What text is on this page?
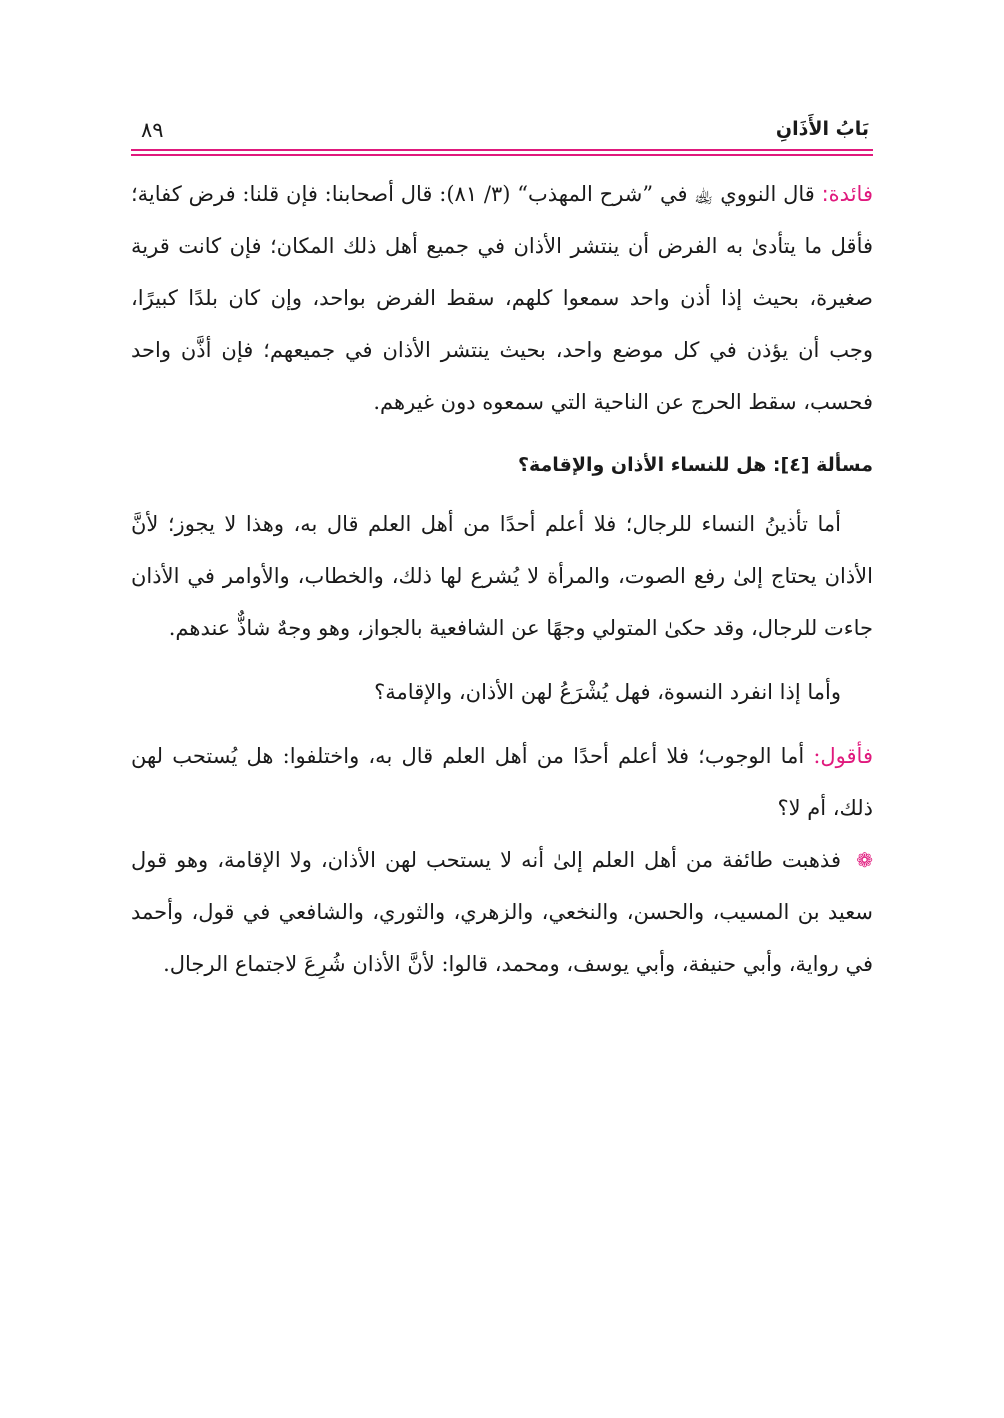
بَابُ الأَذَانِ
٨٩

فائدة: قال النووي ﵀ في ”شرح المهذب“ (٣/ ٨١): قال أصحابنا: فإن قلنا: فرض كفاية؛ فأقل ما يتأدىٰ به الفرض أن ينتشر الأذان في جميع أهل ذلك المكان؛ فإن كانت قرية صغيرة، بحيث إذا أذن واحد سمعوا كلهم، سقط الفرض بواحد، وإن كان بلدًا كبيرًا، وجب أن يؤذن في كل موضع واحد، بحيث ينتشر الأذان في جميعهم؛ فإن أذَّن واحد فحسب، سقط الحرج عن الناحية التي سمعوه دون غيرهم.

مسألة [٤]: هل للنساء الأذان والإقامة؟

أما تأذينُ النساء للرجال؛ فلا أعلم أحدًا من أهل العلم قال به، وهذا لا يجوز؛ لأنَّ الأذان يحتاج إلىٰ رفع الصوت، والمرأة لا يُشرع لها ذلك، والخطاب، والأوامر في الأذان جاءت للرجال، وقد حكىٰ المتولي وجهًا عن الشافعية بالجواز، وهو وجهٌ شاذٌّ عندهم.

وأما إذا انفرد النسوة، فهل يُشْرَعُ لهن الأذان، والإقامة؟

فأقول: أما الوجوب؛ فلا أعلم أحدًا من أهل العلم قال به، واختلفوا: هل يُستحب لهن ذلك، أم لا؟

❁فذهبت طائفة من أهل العلم إلىٰ أنه لا يستحب لهن الأذان، ولا الإقامة، وهو قول سعيد بن المسيب، والحسن، والنخعي، والزهري، والثوري، والشافعي في قول، وأحمد في رواية، وأبي حنيفة، وأبي يوسف، ومحمد، قالوا: لأنَّ الأذان شُرِعَ لاجتماع الرجال.
